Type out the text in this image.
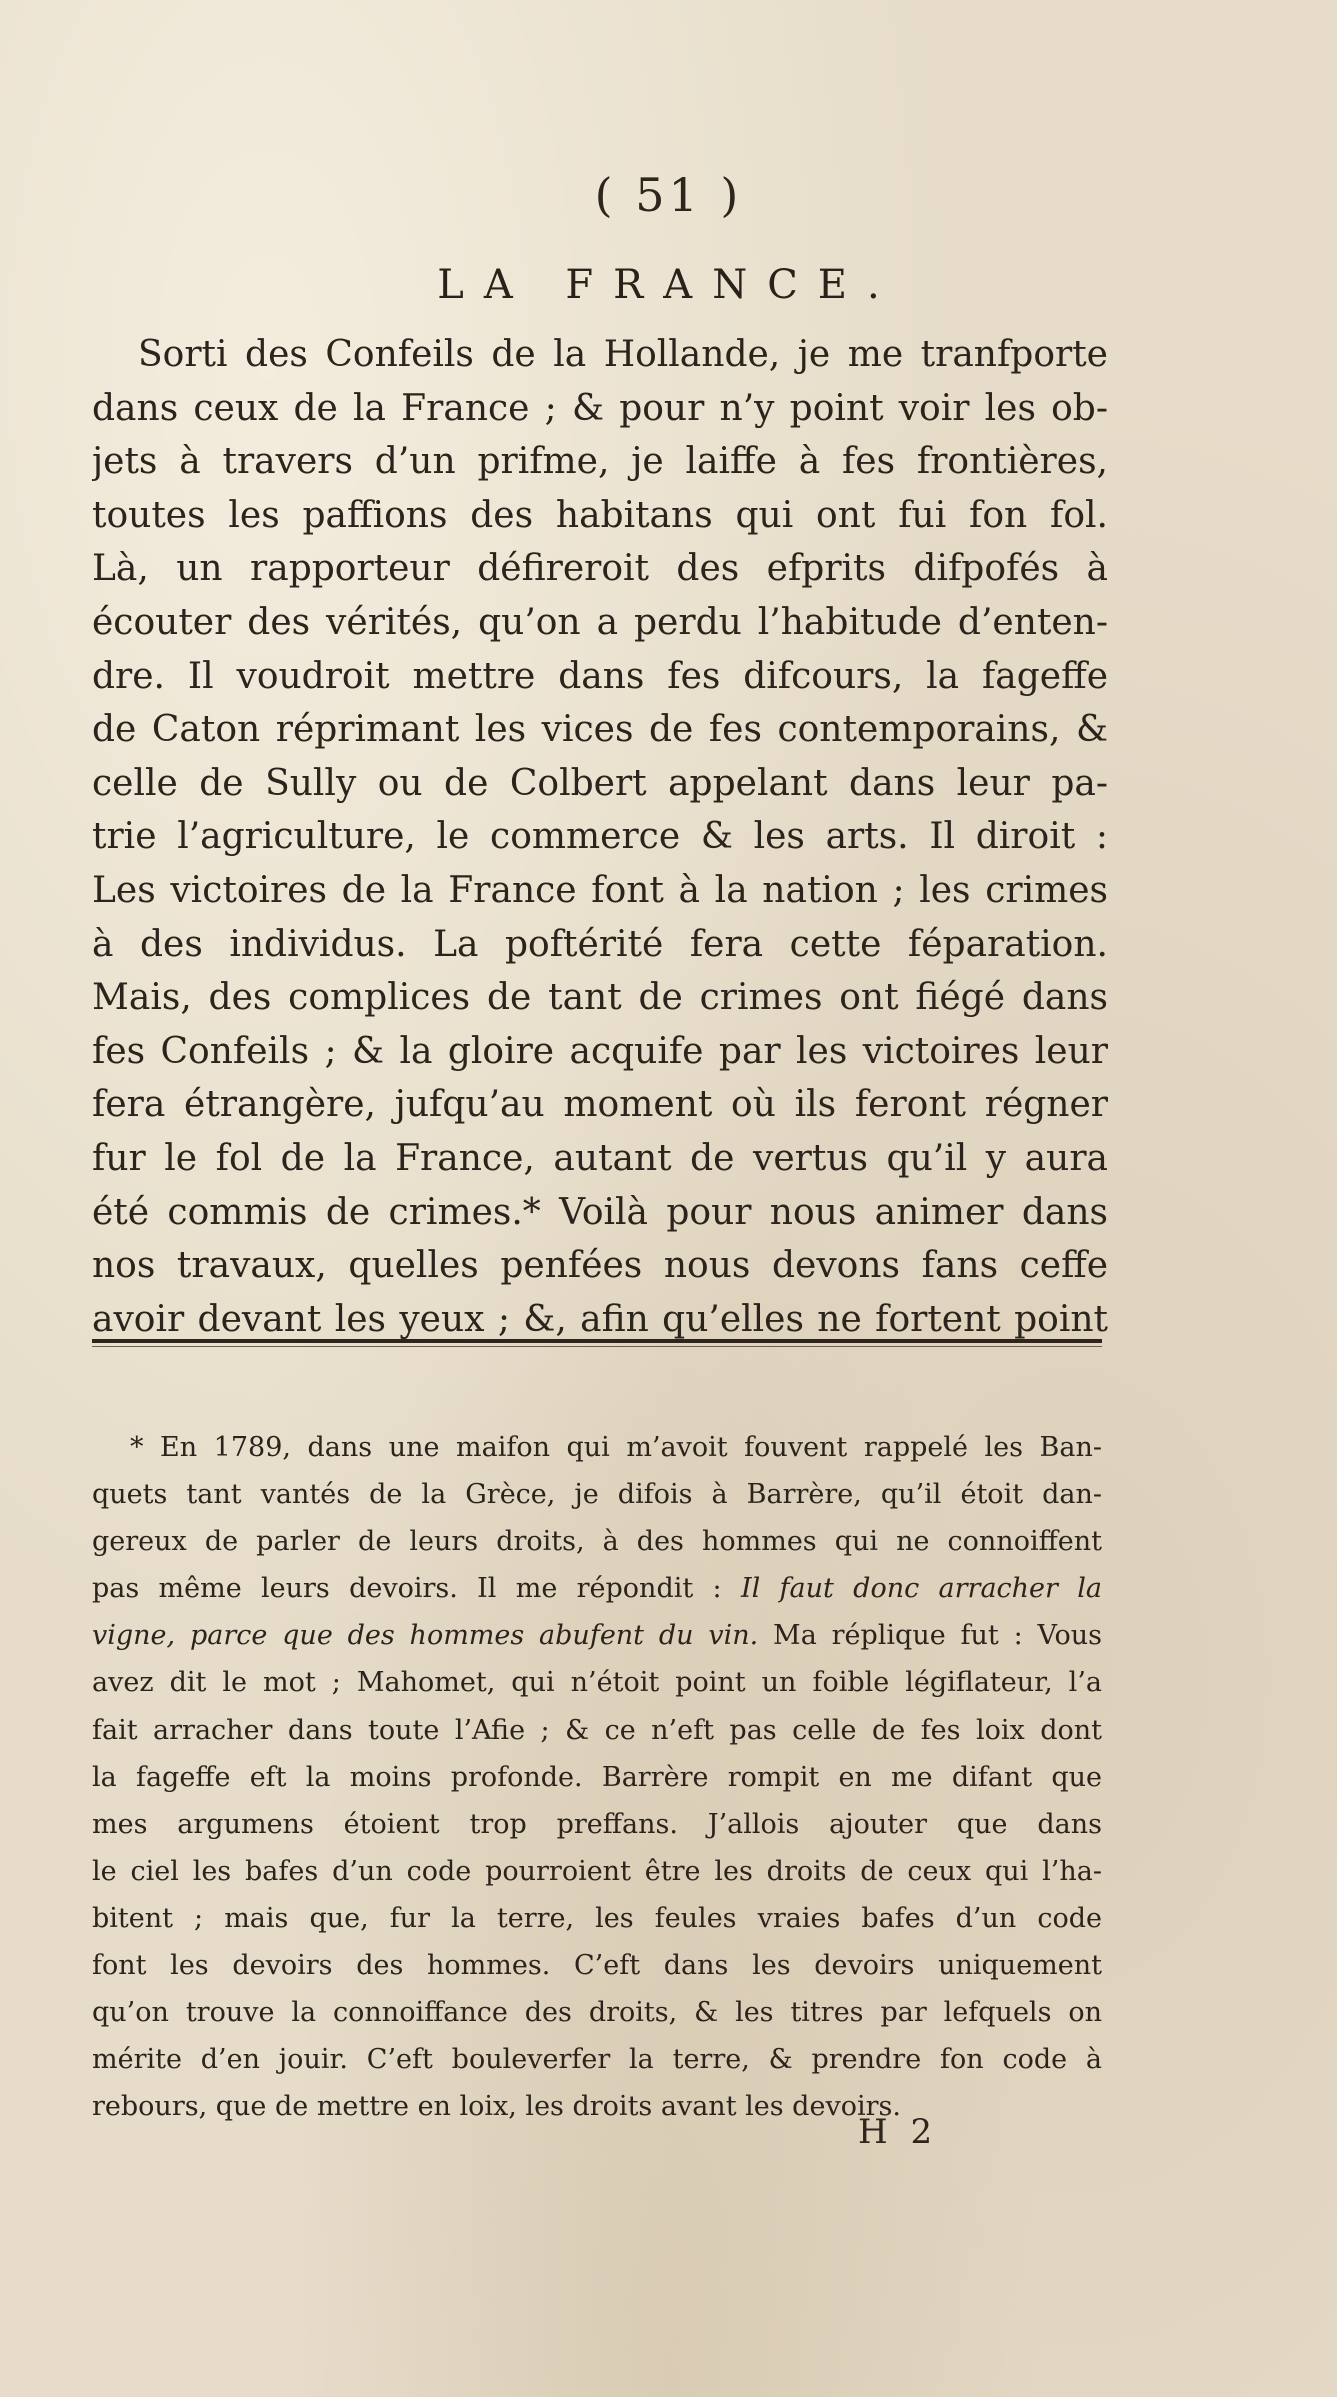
( 51 )
LA FRANCE.
Sorti des Confeils de la Hollande, je me tranfporte
dans ceux de la France ; & pour n’y point voir les ob-
jets à travers d’un prifme, je laiffe à fes frontières,
toutes les paffions des habitans qui ont fui fon fol.
Là, un rapporteur défireroit des efprits difpofés à
écouter des vérités, qu’on a perdu l’habitude d’enten-
dre. Il voudroit mettre dans fes difcours, la fageffe
de Caton réprimant les vices de fes contemporains, &
celle de Sully ou de Colbert appelant dans leur pa-
trie l’agriculture, le commerce & les arts. Il diroit :
Les victoires de la France font à la nation ; les crimes
à des individus. La poftérité fera cette féparation.
Mais, des complices de tant de crimes ont fiégé dans
fes Confeils ; & la gloire acquife par les victoires leur
fera étrangère, jufqu’au moment où ils feront régner
fur le fol de la France, autant de vertus qu’il y aura
été commis de crimes.* Voilà pour nous animer dans
nos travaux, quelles penfées nous devons fans ceffe
avoir devant les yeux ; &, afin qu’elles ne fortent point
* En 1789, dans une maifon qui m’avoit fouvent rappelé les Ban-
quets tant vantés de la Grèce, je difois à Barrère, qu’il étoit dan-
gereux de parler de leurs droits, à des hommes qui ne connoiffent
pas même leurs devoirs. Il me répondit : Il faut donc arracher la
vigne, parce que des hommes abufent du vin. Ma réplique fut : Vous
avez dit le mot ; Mahomet, qui n’étoit point un foible légiflateur, l’a
fait arracher dans toute l’Afie ; & ce n’eft pas celle de fes loix dont
la fageffe eft la moins profonde. Barrère rompit en me difant que
mes argumens étoient trop preffans. J’allois ajouter que dans
le ciel les bafes d’un code pourroient être les droits de ceux qui l’ha-
bitent ; mais que, fur la terre, les feules vraies bafes d’un code
font les devoirs des hommes. C’eft dans les devoirs uniquement
qu’on trouve la connoiffance des droits, & les titres par lefquels on
mérite d’en jouir. C’eft bouleverfer la terre, & prendre fon code à
rebours, que de mettre en loix, les droits avant les devoirs.
H 2
